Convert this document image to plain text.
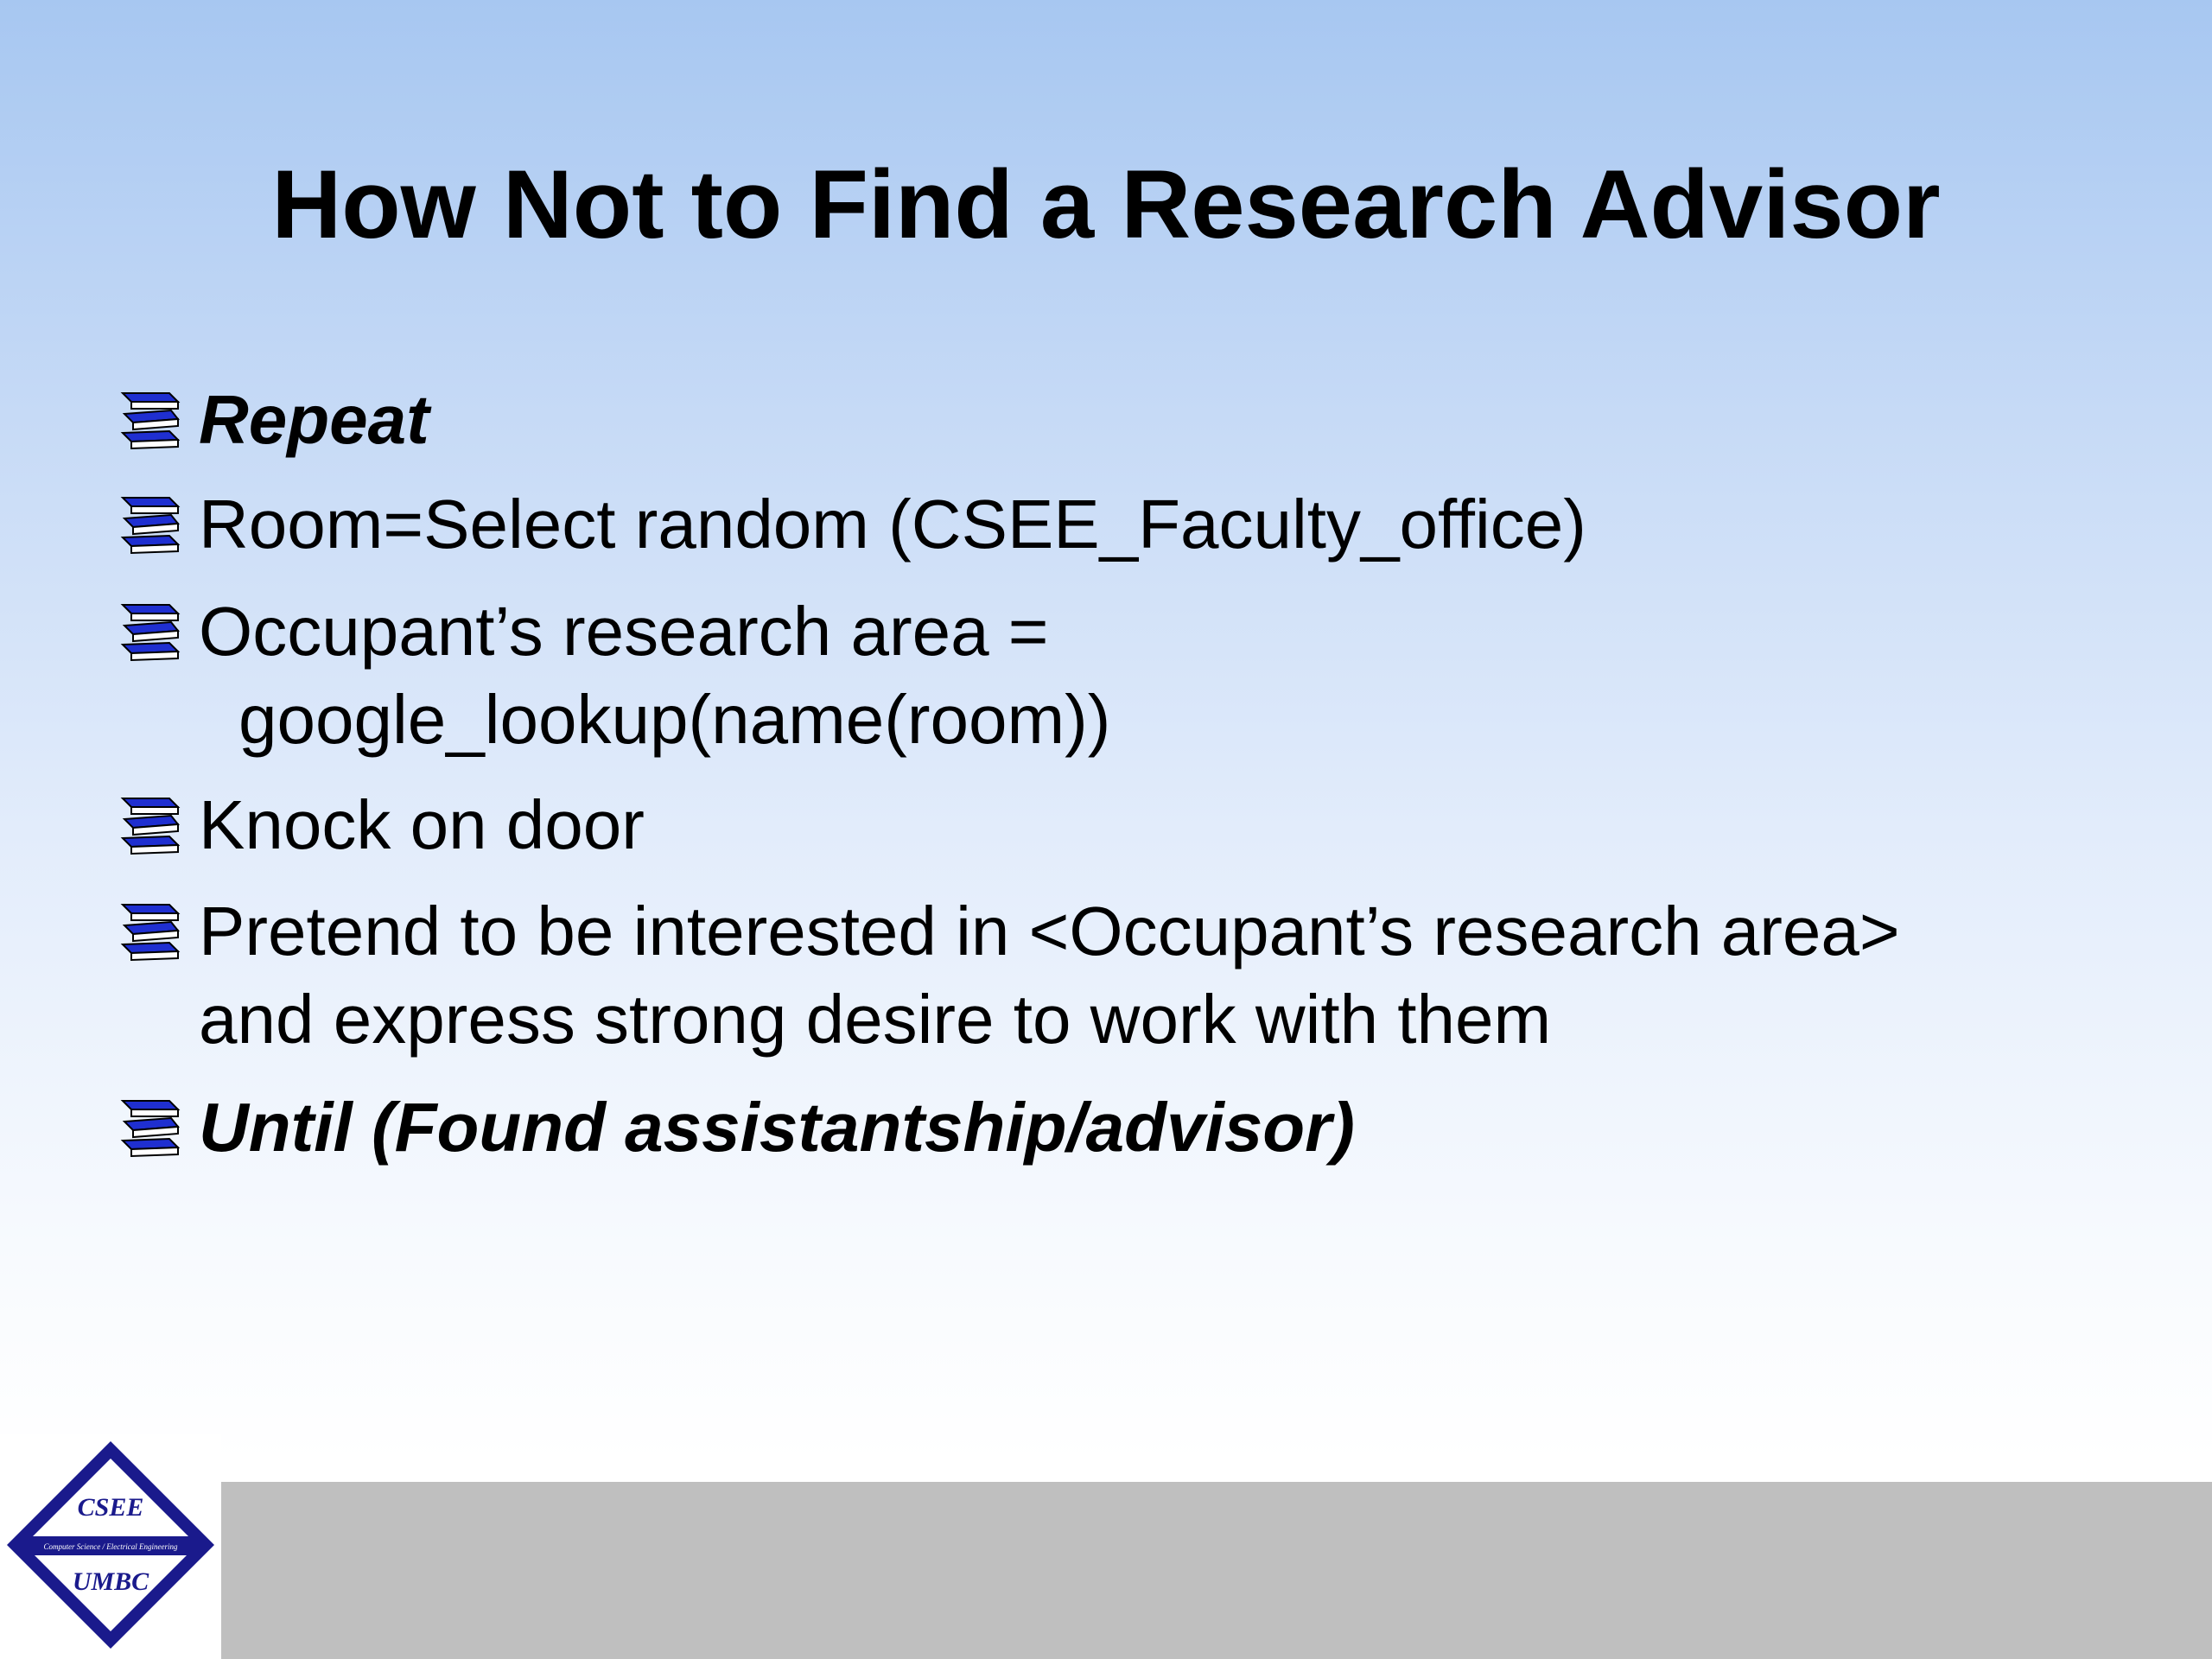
How Not to Find a Research Advisor
Repeat
Room=Select random (CSEE_Faculty_office)
Occupant’s research area =
google_lookup(name(room))
Knock on door
Pretend to be interested in <Occupant’s research area>
and express strong desire to work with them
Until (Found assistantship/advisor)
CSEE
Computer Science / Electrical Engineering
UMBC
